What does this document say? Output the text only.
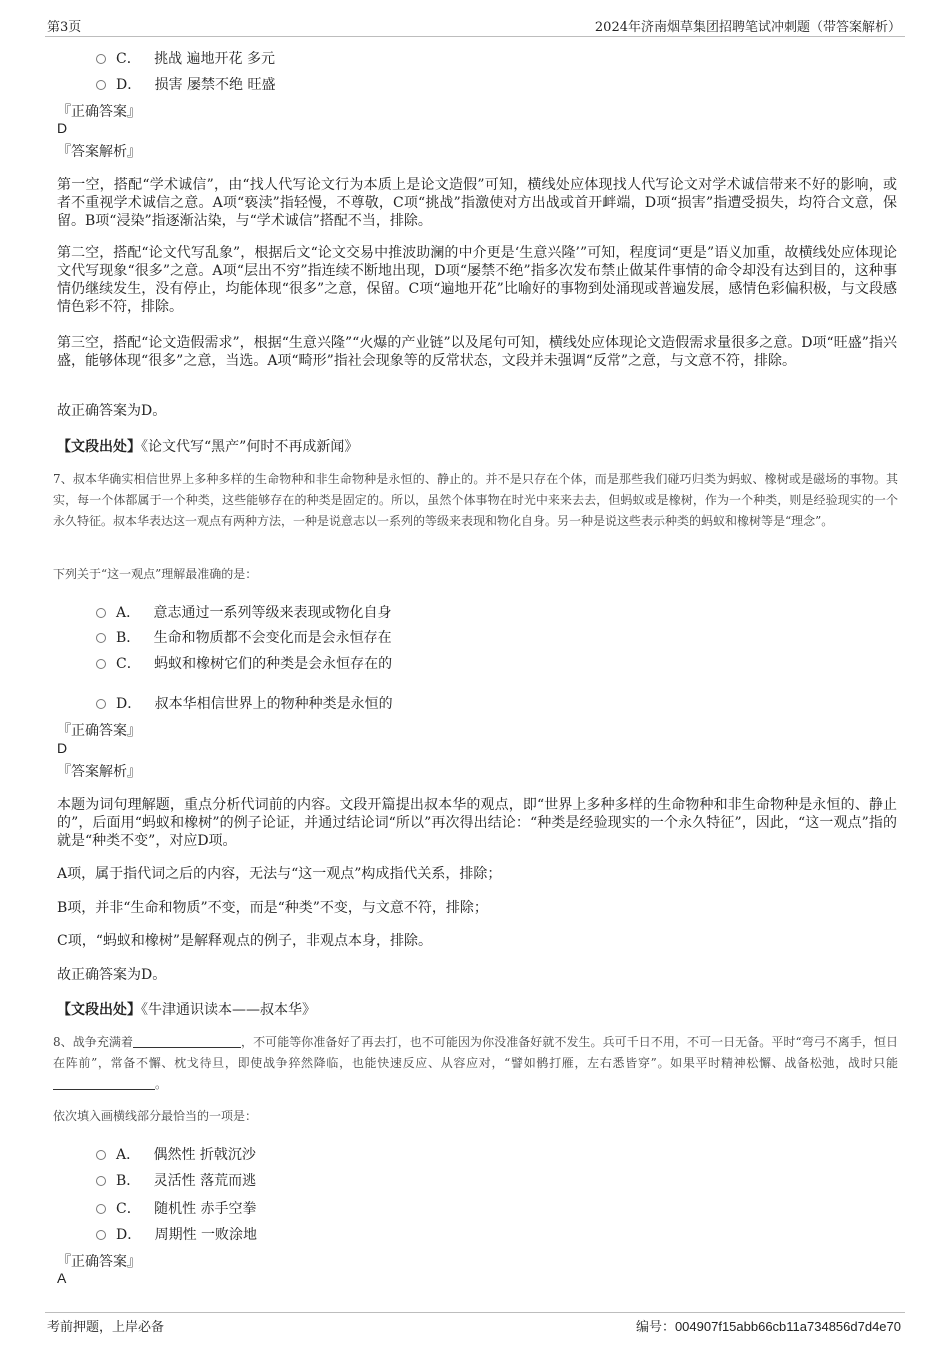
第3页	2024年济南烟草集团招聘笔试冲刺题（带答案解析）
C． 挑战 遍地开花 多元
D． 损害 屡禁不绝 旺盛
『正确答案』
D
『答案解析』

第一空，搭配“学术诚信”，由“找人代写论文行为本质上是论文造假”可知，横线处应体现找人代写论文对学术诚信带来不好的影响，或者不重视学术诚信之意。A项“亵渎”指轻慢，不尊敬，C项“挑战”指激使对方出战或首开衅端，D项“损害”指遭受损失，均符合文意，保留。B项“浸染”指逐渐沾染，与“学术诚信”搭配不当，排除。

第二空，搭配“论文代写乱象”，根据后文“论文交易中推波助澜的中介更是‘生意兴隆’”可知，程度词“更是”语义加重，故横线处应体现论文代写现象“很多”之意。A项“层出不穷”指连续不断地出现，D项“屡禁不绝”指多次发布禁止做某件事情的命令却没有达到目的，这种事情仍继续发生，没有停止，均能体现“很多”之意，保留。C项“遍地开花”比喻好的事物到处涌现或普遍发展，感情色彩偏积极，与文段感情色彩不符，排除。

第三空，搭配“论文造假需求”，根据“生意兴隆”“火爆的产业链”以及尾句可知，横线处应体现论文造假需求量很多之意。D项“旺盛”指兴盛，能够体现“很多”之意，当选。A项“畸形”指社会现象等的反常状态，文段并未强调“反常”之意，与文意不符，排除。

故正确答案为D。

【文段出处】《论文代写“黑产”何时不再成新闻》
7、叔本华确实相信世界上多种多样的生命物种和非生命物种是永恒的、静止的。并不是只存在个体，而是那些我们碰巧归类为蚂蚁、橡树或是磁场的事物。其实，每一个体都属于一个种类，这些能够存在的种类是固定的。所以，虽然个体事物在时光中来来去去，但蚂蚁或是橡树，作为一个种类，则是经验现实的一个永久特征。叔本华表达这一观点有两种方法，一种是说意志以一系列的等级来表现和物化自身。另一种是说这些表示种类的蚂蚁和橡树等是“理念”。
下列关于“这一观点”理解最准确的是：
A． 意志通过一系列等级来表现或物化自身
B． 生命和物质都不会变化而是会永恒存在
C． 蚂蚁和橡树它们的种类是会永恒存在的
D． 叔本华相信世界上的物种种类是永恒的
『正确答案』
D
『答案解析』

本题为词句理解题，重点分析代词前的内容。文段开篇提出叔本华的观点，即“世界上多种多样的生命物种和非生命物种是永恒的、静止的”，后面用“蚂蚁和橡树”的例子论证，并通过结论词“所以”再次得出结论：“种类是经验现实的一个永久特征”，因此，“这一观点”指的就是“种类不变”，对应D项。

A项，属于指代词之后的内容，无法与“这一观点”构成指代关系，排除；

B项，并非“生命和物质”不变，而是“种类”不变，与文意不符，排除；

C项，“蚂蚁和橡树”是解释观点的例子，非观点本身，排除。

故正确答案为D。

【文段出处】《牛津通识读本——叔本华》
8、战争充满着	，不可能等你准备好了再去打，也不可能因为你没准备好就不发生。兵可千日不用，不可一日无备。平时“弯弓不离手，恒日在阵前”，常备不懈、枕戈待旦，即使战争猝然降临，也能快速反应、从容应对，“譬如鹘打雁，左右悉皆穿”。如果平时精神松懈、战备松弛，战时只能。
依次填入画横线部分最恰当的一项是：
A． 偶然性 折戟沉沙
B． 灵活性 落荒而逃
C． 随机性 赤手空拳
D． 周期性 一败涂地
『正确答案』
A
考前押题，上岸必备	编号：004907f15abb66cb11a734856d7d4e70
